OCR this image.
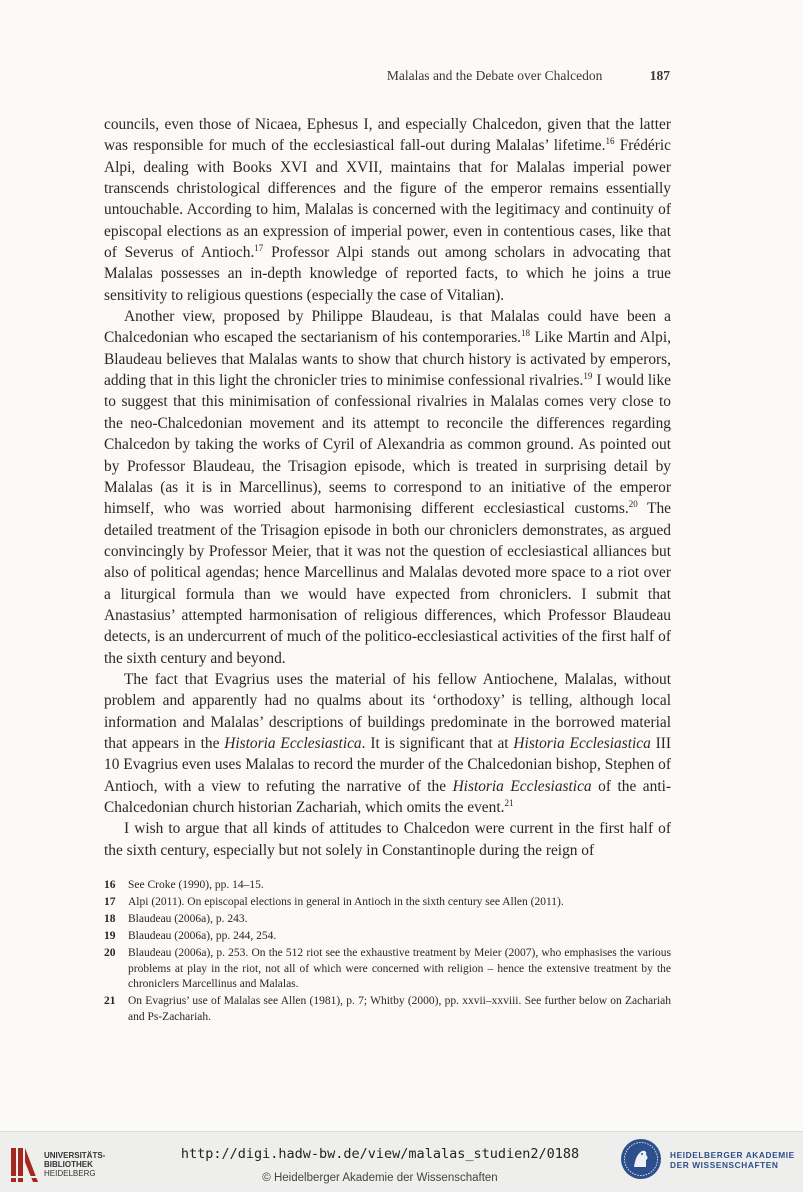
Malalas and the Debate over Chalcedon	187

councils, even those of Nicaea, Ephesus I, and especially Chalcedon, given that the latter was responsible for much of the ecclesiastical fall-out during Malalas’ lifetime.$^{16}$ Frédéric Alpi, dealing with Books XVI and XVII, maintains that for Malalas imperial power transcends christological differences and the figure of the emperor remains essentially untouchable. According to him, Malalas is concerned with the legitimacy and continuity of episcopal elections as an expression of imperial power, even in contentious cases, like that of Severus of Antioch.$^{17}$ Professor Alpi stands out among scholars in advocating that Malalas possesses an in-depth knowledge of reported facts, to which he joins a true sensitivity to religious questions (especially the case of Vitalian).

Another view, proposed by Philippe Blaudeau, is that Malalas could have been a Chalcedonian who escaped the sectarianism of his contemporaries.$^{18}$ Like Martin and Alpi, Blaudeau believes that Malalas wants to show that church history is activated by emperors, adding that in this light the chronicler tries to minimise confessional rivalries.$^{19}$ I would like to suggest that this minimisation of confessional rivalries in Malalas comes very close to the neo-Chalcedonian movement and its attempt to reconcile the differences regarding Chalcedon by taking the works of Cyril of Alexandria as common ground. As pointed out by Professor Blaudeau, the Trisagion episode, which is treated in surprising detail by Malalas (as it is in Marcellinus), seems to correspond to an initiative of the emperor himself, who was worried about harmonising different ecclesiastical customs.$^{20}$ The detailed treatment of the Trisagion episode in both our chroniclers demonstrates, as argued convincingly by Professor Meier, that it was not the question of ecclesiastical alliances but also of political agendas; hence Marcellinus and Malalas devoted more space to a riot over a liturgical formula than we would have expected from chroniclers. I submit that Anastasius’ attempted harmonisation of religious differences, which Professor Blaudeau detects, is an undercurrent of much of the politico-ecclesiastical activities of the first half of the sixth century and beyond.

The fact that Evagrius uses the material of his fellow Antiochene, Malalas, without problem and apparently had no qualms about its ‘orthodoxy’ is telling, although local information and Malalas’ descriptions of buildings predominate in the borrowed material that appears in the Historia Ecclesiastica. It is significant that at Historia Ecclesiastica III 10 Evagrius even uses Malalas to record the murder of the Chalcedonian bishop, Stephen of Antioch, with a view to refuting the narrative of the Historia Ecclesiastica of the anti-Chalcedonian church historian Zachariah, which omits the event.$^{21}$

I wish to argue that all kinds of attitudes to Chalcedon were current in the first half of the sixth century, especially but not solely in Constantinople during the reign of

16 See Croke (1990), pp. 14–15.
17 Alpi (2011). On episcopal elections in general in Antioch in the sixth century see Allen (2011).
18 Blaudeau (2006a), p. 243.
19 Blaudeau (2006a), pp. 244, 254.
20 Blaudeau (2006a), p. 253. On the 512 riot see the exhaustive treatment by Meier (2007), who emphasises the various problems at play in the riot, not all of which were concerned with religion – hence the extensive treatment by the chroniclers Marcellinus and Malalas.
21 On Evagrius’ use of Malalas see Allen (1981), p. 7; Whitby (2000), pp. xxvii–xxviii. See further below on Zachariah and Ps-Zachariah.
UNIVERSITÄTS-
BIBLIOTHEK
HEIDELBERG
http://digi.hadw-bw.de/view/malalas_studien2/0188
© Heidelberger Akademie der Wissenschaften
HEIDELBERGER AKADEMIE
DER WISSENSCHAFTEN
